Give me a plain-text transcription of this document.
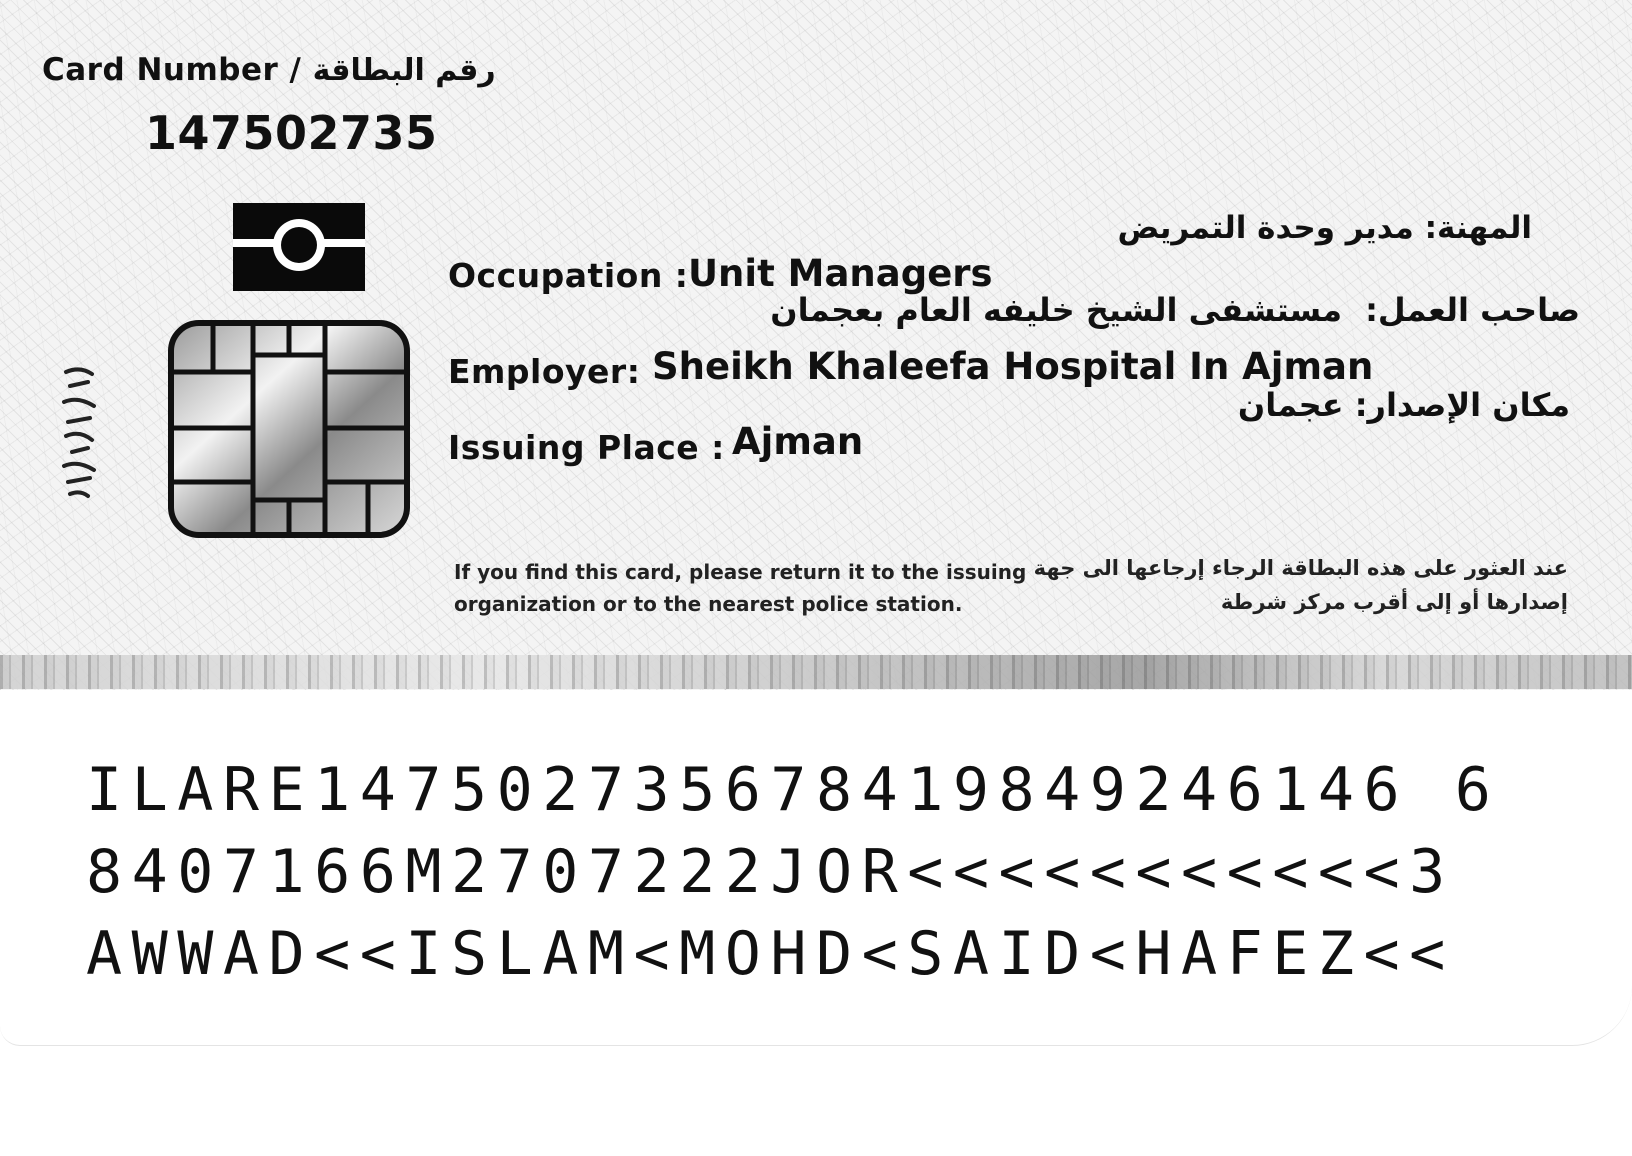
Card Number / رقم البطاقة
147502735
المهنة: مدير وحدة التمريض
Occupation : Unit Managers
صاحب العمل:
مستشفى الشيخ خليفه العام بعجمان
Employer: Sheikh Khaleefa Hospital In Ajman
مكان الإصدار: عجمان
Issuing Place : Ajman
If you find this card, please return it to the issuing
organization or to the nearest police station.
عند العثور على هذه البطاقة الرجاء إرجاعها الى جهة
إصدارها أو إلى أقرب مركز شرطة
ILARE147502735678419849246146 6
8407166M2707222JOR<<<<<<<<<<<3
AWWAD<<ISLAM<MOHD<SAID<HAFEZ<<
